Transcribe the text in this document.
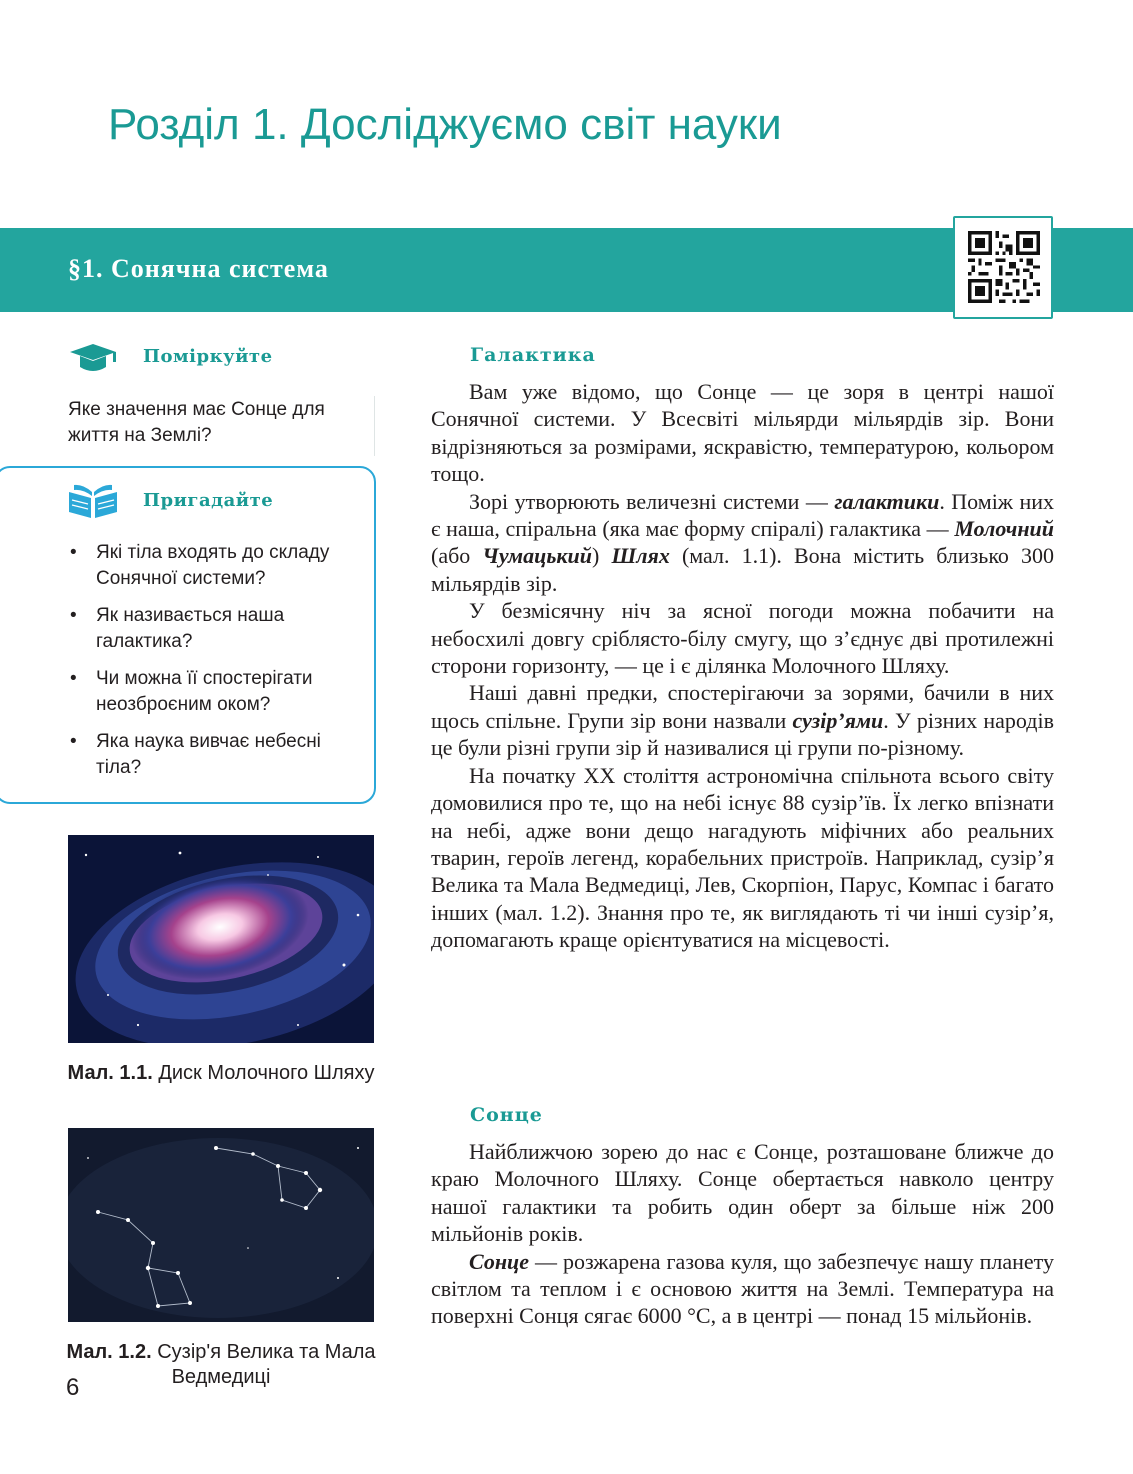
Розділ 1. Досліджуємо світ науки
§1. Сонячна система
Поміркуйте
Яке значення має Сонце для життя на Землі?
Пригадайте
• Які тіла входять до складу Сонячної системи?
• Як називається наша галактика?
• Чи можна її спостерігати неозброєним оком?
• Яка наука вивчає небесні тіла?
Мал. 1.1. Диск Молочного Шляху
Мал. 1.2. Сузір'я Велика та Мала Ведмедиці
Галактика

Вам уже відомо, що Сонце — це зоря в центрі нашої Сонячної системи. У Всесвіті мільярди мільярдів зір. Вони відрізняються за розмірами, яскравістю, температурою, кольором тощо.

Зорі утворюють величезні системи — галактики. Поміж них є наша, спіральна (яка має форму спіралі) галактика — Молочний (або Чумацький) Шлях (мал. 1.1). Вона містить близько 300 мільярдів зір.

У безмісячну ніч за ясної погоди можна побачити на небосхилі довгу сріблясто-білу смугу, що з’єднує дві протилежні сторони горизонту, — це і є ділянка Молочного Шляху.

Наші давні предки, спостерігаючи за зорями, бачили в них щось спільне. Групи зір вони назвали сузір’ями. У різних народів це були різні групи зір й називалися ці групи по-різному.

На початку XX століття астрономічна спільнота всього світу домовилися про те, що на небі існує 88 сузір’їв. Їх легко впізнати на небі, адже вони дещо нагадують міфічних або реальних тварин, героїв легенд, корабельних пристроїв. Наприклад, сузір’я Велика та Мала Ведмедиці, Лев, Скорпіон, Парус, Компас і багато інших (мал. 1.2). Знання про те, як виглядають ті чи інші сузір’я, допомагають краще орієнтуватися на місцевості.

Сонце

Найближчою зорею до нас є Сонце, розташоване ближче до краю Молочного Шляху. Сонце обертається навколо центру нашої галактики та робить один оберт за більше ніж 200 мільйонів років.

Сонце — розжарена газова куля, що забезпечує нашу планету світлом та теплом і є основою життя на Землі. Температура на поверхні Сонця сягає 6000 °C, а в центрі — понад 15 мільйонів.

6
